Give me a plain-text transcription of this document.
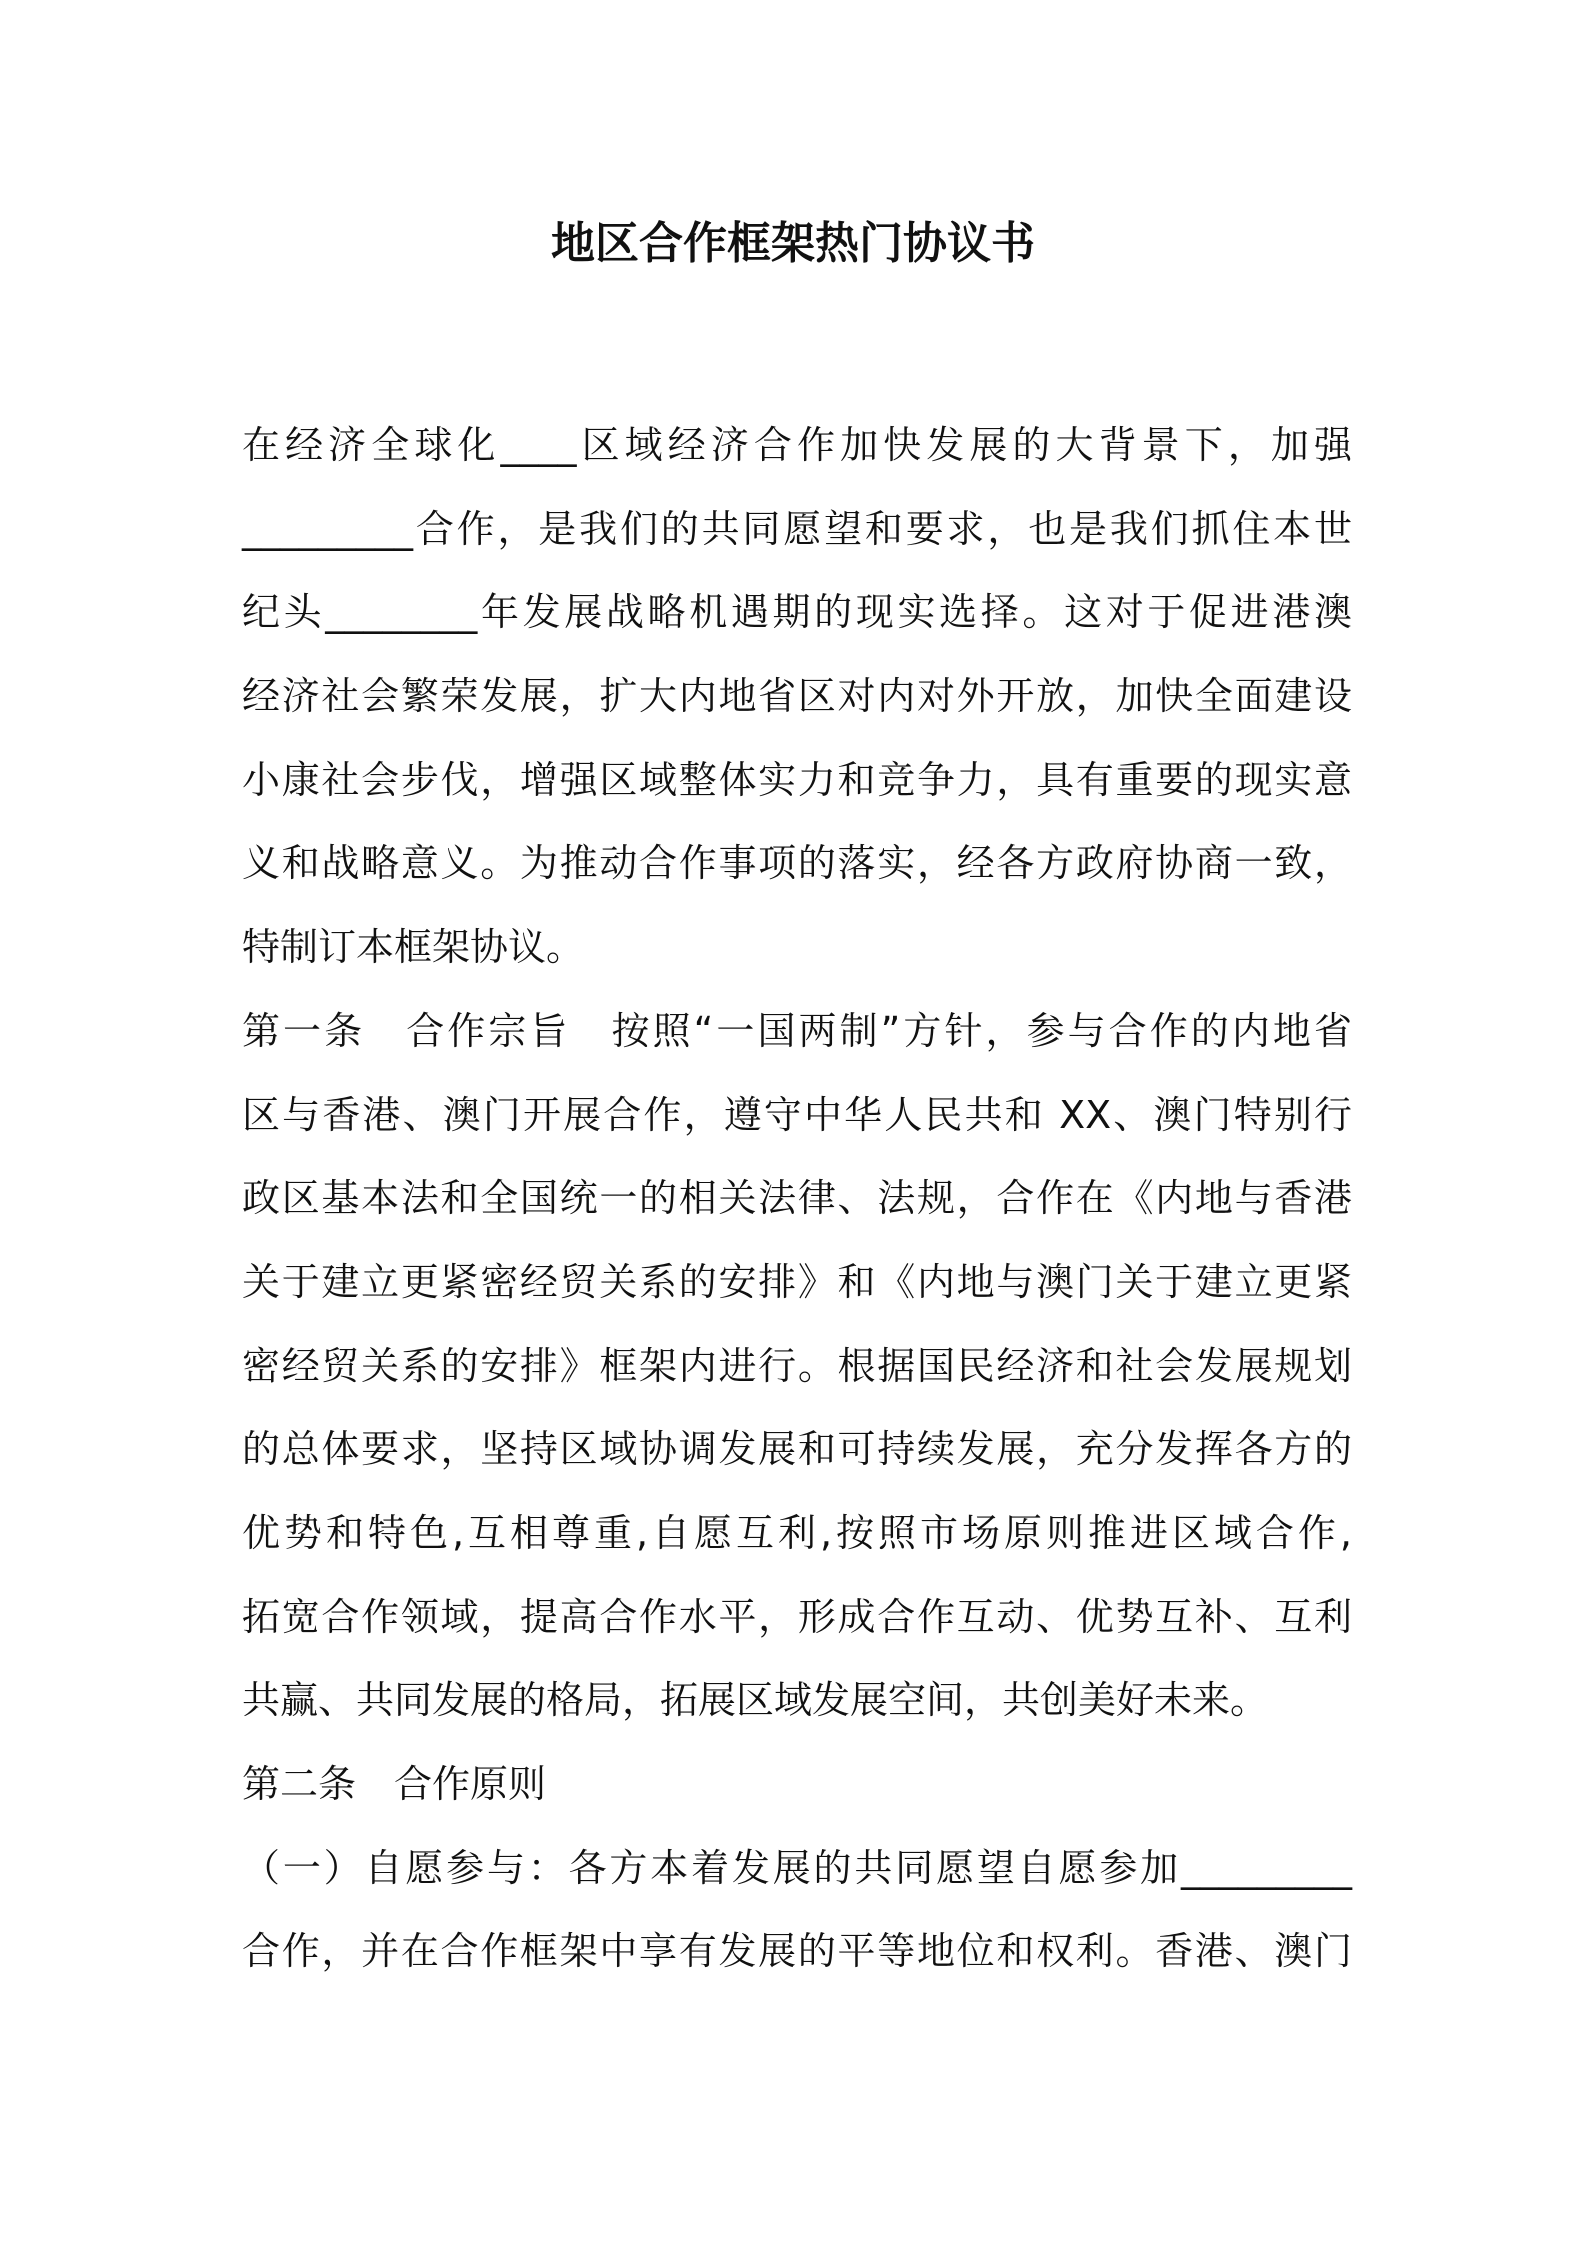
地区合作框架热门协议书
在经济全球化____区域经济合作加快发展的大背景下，加强
_________合作，是我们的共同愿望和要求，也是我们抓住本世
纪头________年发展战略机遇期的现实选择。这对于促进港澳
经济社会繁荣发展，扩大内地省区对内对外开放，加快全面建设
小康社会步伐，增强区域整体实力和竞争力，具有重要的现实意
义和战略意义。为推动合作事项的落实，经各方政府协商一致，
特制订本框架协议。
第一条　合作宗旨　按照“一国两制”方针，参与合作的内地省
区与香港、澳门开展合作，遵守中华人民共和 XX、澳门特别行
政区基本法和全国统一的相关法律、法规，合作在《内地与香港
关于建立更紧密经贸关系的安排》和《内地与澳门关于建立更紧
密经贸关系的安排》框架内进行。根据国民经济和社会发展规划
的总体要求，坚持区域协调发展和可持续发展，充分发挥各方的
优势和特色,互相尊重,自愿互利,按照市场原则推进区域合作,
拓宽合作领域，提高合作水平，形成合作互动、优势互补、互利
共赢、共同发展的格局，拓展区域发展空间，共创美好未来。
第二条　合作原则
（一）自愿参与：各方本着发展的共同愿望自愿参加_________
合作，并在合作框架中享有发展的平等地位和权利。香港、澳门
